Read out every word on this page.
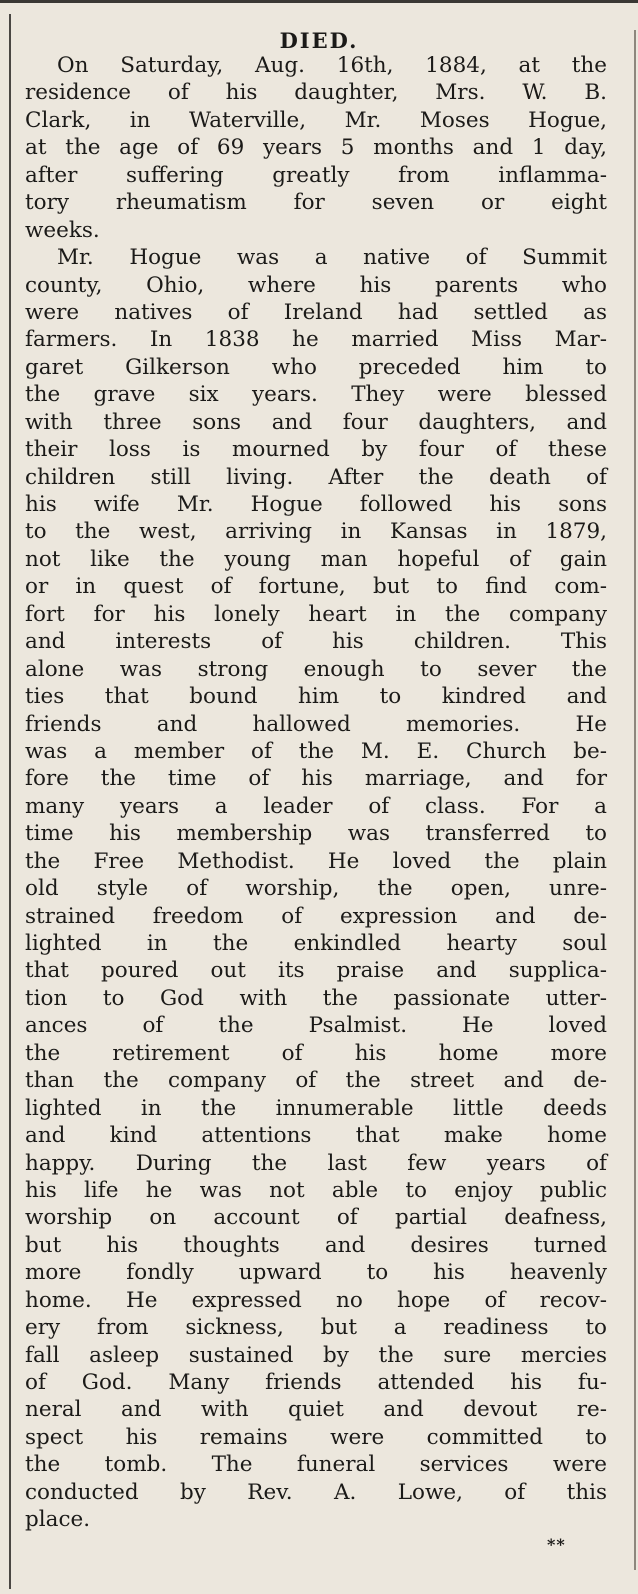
DIED.
On Saturday, Aug. 16th, 1884, at the
residence of his daughter, Mrs. W. B.
Clark, in Waterville, Mr. Moses Hogue,
at the age of 69 years 5 months and 1 day,
after suffering greatly from inflamma-
tory rheumatism for seven or eight
weeks.
Mr. Hogue was a native of Summit
county, Ohio, where his parents who
were natives of Ireland had settled as
farmers. In 1838 he married Miss Mar-
garet Gilkerson who preceded him to
the grave six years. They were blessed
with three sons and four daughters, and
their loss is mourned by four of these
children still living. After the death of
his wife Mr. Hogue followed his sons
to the west, arriving in Kansas in 1879,
not like the young man hopeful of gain
or in quest of fortune, but to find com-
fort for his lonely heart in the company
and interests of his children. This
alone was strong enough to sever the
ties that bound him to kindred and
friends and hallowed memories. He
was a member of the M. E. Church be-
fore the time of his marriage, and for
many years a leader of class. For a
time his membership was transferred to
the Free Methodist. He loved the plain
old style of worship, the open, unre-
strained freedom of expression and de-
lighted in the enkindled hearty soul
that poured out its praise and supplica-
tion to God with the passionate utter-
ances of the Psalmist. He loved
the retirement of his home more
than the company of the street and de-
lighted in the innumerable little deeds
and kind attentions that make home
happy. During the last few years of
his life he was not able to enjoy public
worship on account of partial deafness,
but his thoughts and desires turned
more fondly upward to his heavenly
home. He expressed no hope of recov-
ery from sickness, but a readiness to
fall asleep sustained by the sure mercies
of God. Many friends attended his fu-
neral and with quiet and devout re-
spect his remains were committed to
the tomb. The funeral services were
conducted by Rev. A. Lowe, of this
place.
**
